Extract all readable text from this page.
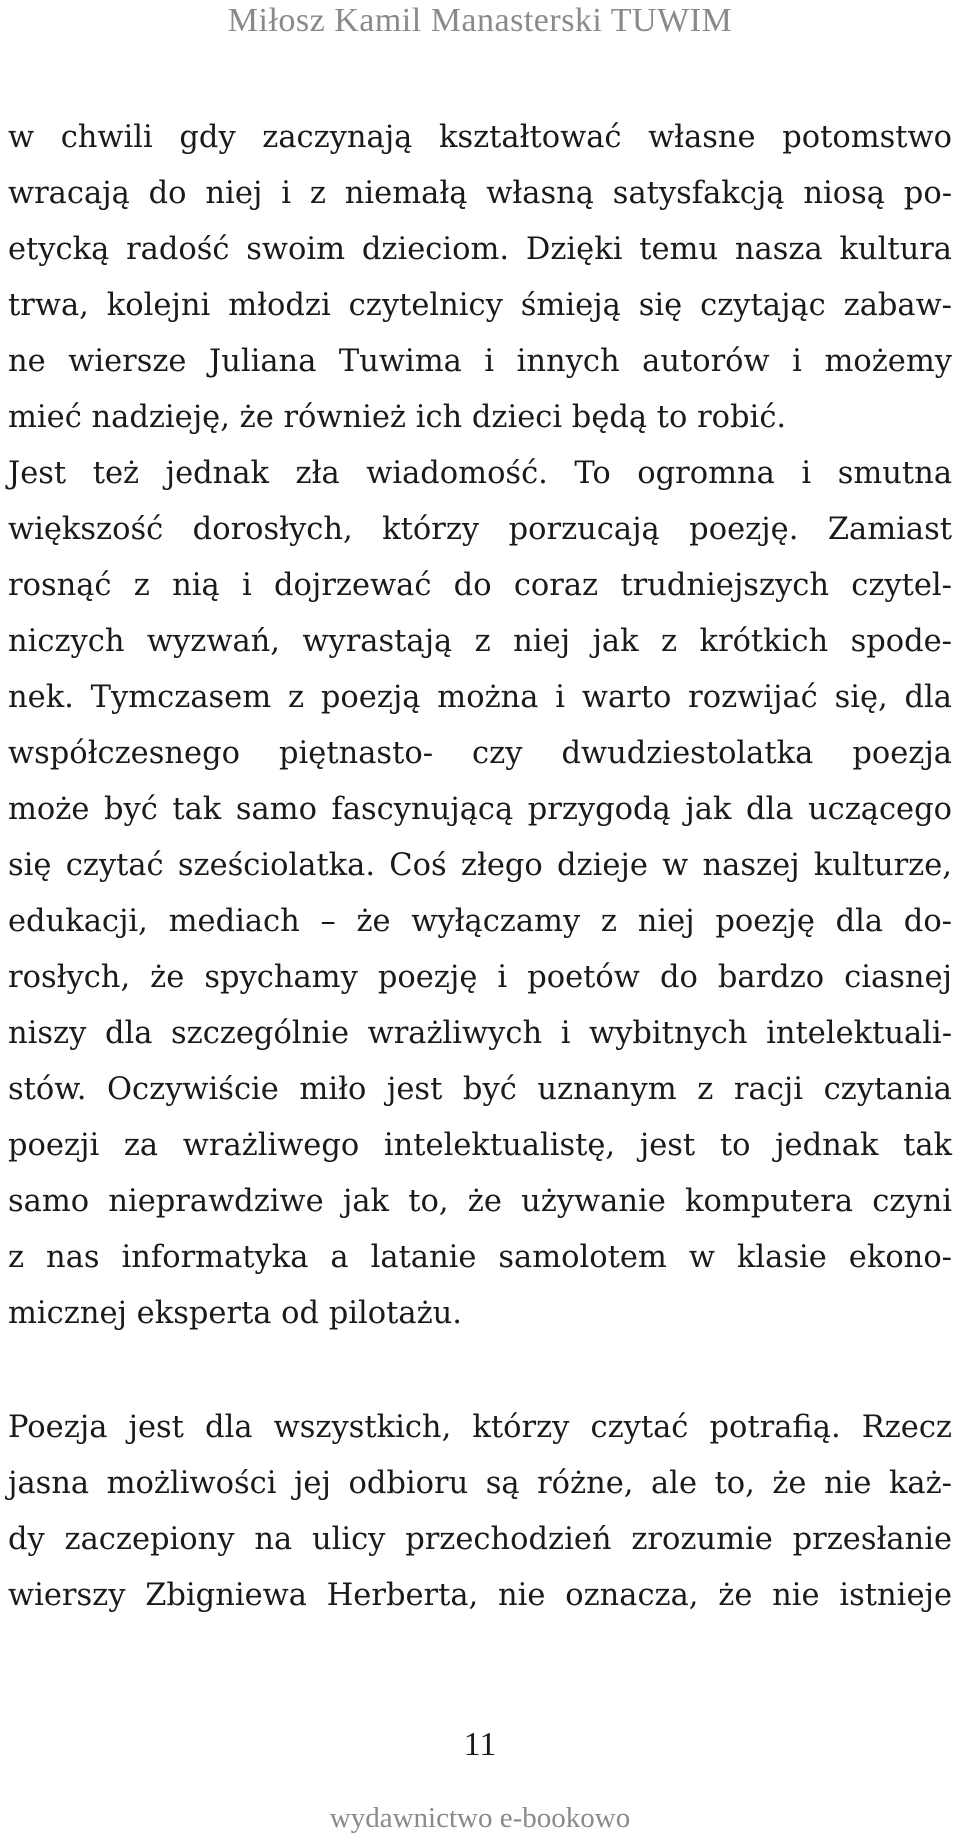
Miłosz Kamil Manasterski TUWIM
w chwili gdy zaczynają kształtować własne potomstwo
wracają do niej i z niemałą własną satysfakcją niosą po-
etycką radość swoim dzieciom. Dzięki temu nasza kultura
trwa, kolejni młodzi czytelnicy śmieją się czytając zabaw-
ne wiersze Juliana Tuwima i innych autorów i możemy
mieć nadzieję, że również ich dzieci będą to robić.
Jest też jednak zła wiadomość. To ogromna i smutna
większość dorosłych, którzy porzucają poezję. Zamiast
rosnąć z nią i dojrzewać do coraz trudniejszych czytel-
niczych wyzwań, wyrastają z niej jak z krótkich spode-
nek. Tymczasem z poezją można i warto rozwijać się, dla
współczesnego piętnasto- czy dwudziestolatka poezja
może być tak samo fascynującą przygodą jak dla uczącego
się czytać sześciolatka. Coś złego dzieje w naszej kulturze,
edukacji, mediach – że wyłączamy z niej poezję dla do-
rosłych, że spychamy poezję i poetów do bardzo ciasnej
niszy dla szczególnie wrażliwych i wybitnych intelektuali-
stów. Oczywiście miło jest być uznanym z racji czytania
poezji za wrażliwego intelektualistę, jest to jednak tak
samo nieprawdziwe jak to, że używanie komputera czyni
z nas informatyka a latanie samolotem w klasie ekono-
micznej eksperta od pilotażu.
Poezja jest dla wszystkich, którzy czytać potrafią. Rzecz
jasna możliwości jej odbioru są różne, ale to, że nie każ-
dy zaczepiony na ulicy przechodzień zrozumie przesłanie
wierszy Zbigniewa Herberta, nie oznacza, że nie istnieje
11
wydawnictwo e-bookowo
